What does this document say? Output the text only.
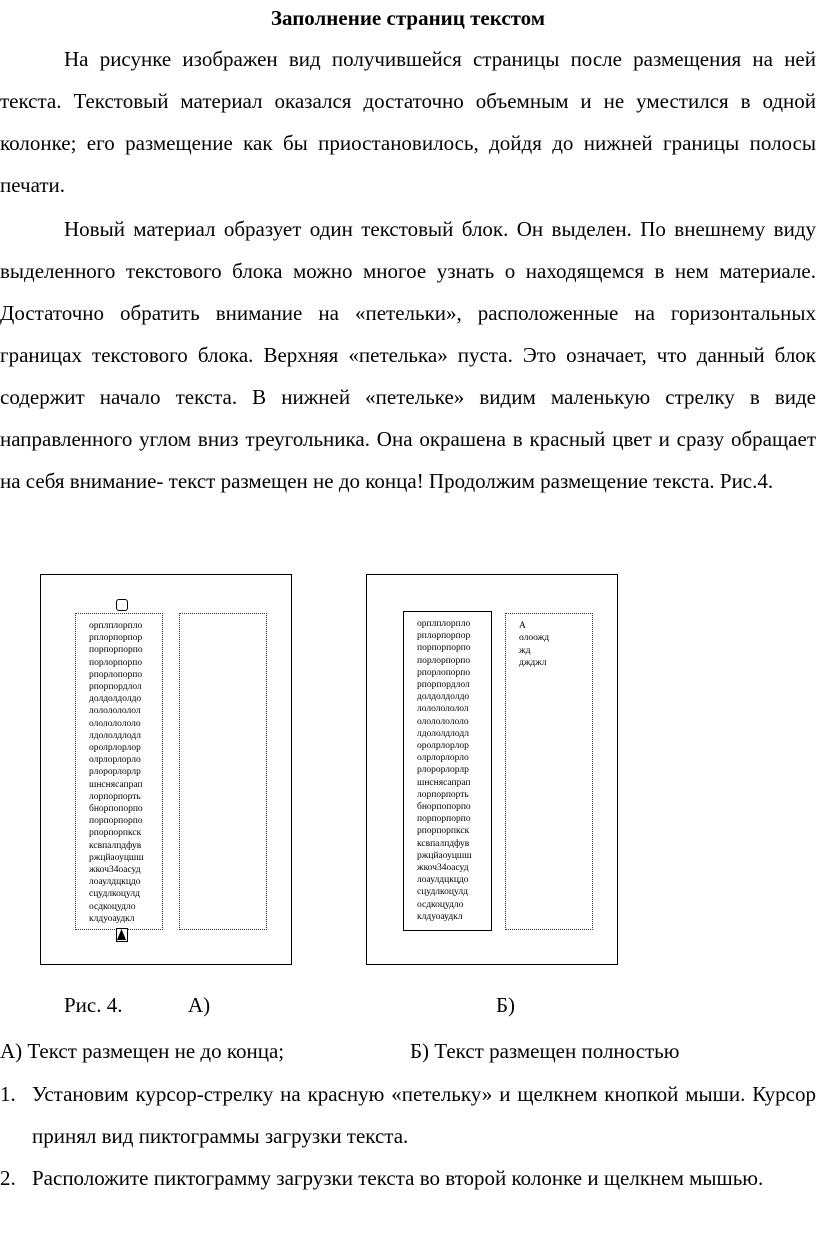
Заполнение страниц текстом

На рисунке изображен вид получившейся страницы после размещения на ней текста. Текстовый материал оказался достаточно объемным и не уместился в одной колонке; его размещение как бы приостановилось, дойдя до нижней границы полосы печати.

Новый материал образует один текстовый блок. Он выделен. По внешнему виду выделенного текстового блока можно многое узнать о находящемся в нем материале. Достаточно обратить внимание на «петельки», расположенные на горизонтальных границах текстового блока. Верхняя «петелька» пуста. Это означает, что данный блок содержит начало текста. В нижней «петельке» видим маленькую стрелку в виде направленного углом вниз треугольника. Она окрашена в красный цвет и сразу обращает на себя внимание- текст размещен не до конца! Продолжим размещение текста. Рис.4.

орплплорпло
рплорпорпор
порпорпорпо
порлорпорпо
рпорлопорпо
рпорпордлол
долдолдолдо
лололололол
олололололо
лдололдлодл
оролрлорлор
олрлорлорло
рлорорлорлр
шнснясапрап
лорпорпорть
бнорпопорпо
порпорпорпо
рпорпорпкск
ксвпалпдфув
ржцйаоуцшш
жкоч34оасуд
лоаулдцкцдо
сцудлкоцулд
осдкоцудло
клдуоаудкл
орплплорпло
рплорпорпор
порпорпорпо
порлорпорпо
рпорлопорпо
рпорпордлол
долдолдолдо
лололололол
олололололо
лдололдлодл
оролрлорлор
олрлорлорло
рлорорлорлр
шнснясапрап
лорпорпорть
бнорпопорпо
порпорпорпо
рпорпорпкск
ксвпалпдфув
ржцйаоуцшш
жкоч34оасуд
лоаулдцкцдо
сцудлкоцулд
осдкоцудло
клдуоаудкл
А
олоожд
жд
джджл
Рис. 4.	А)	Б)
А) Текст размещен не до конца;	Б) Текст размещен полностью
1. Установим курсор-стрелку на красную «петельку» и щелкнем кнопкой мыши. Курсор принял вид пиктограммы загрузки текста.
2. Расположите пиктограмму загрузки текста во второй колонке и щелкнем мышью.
